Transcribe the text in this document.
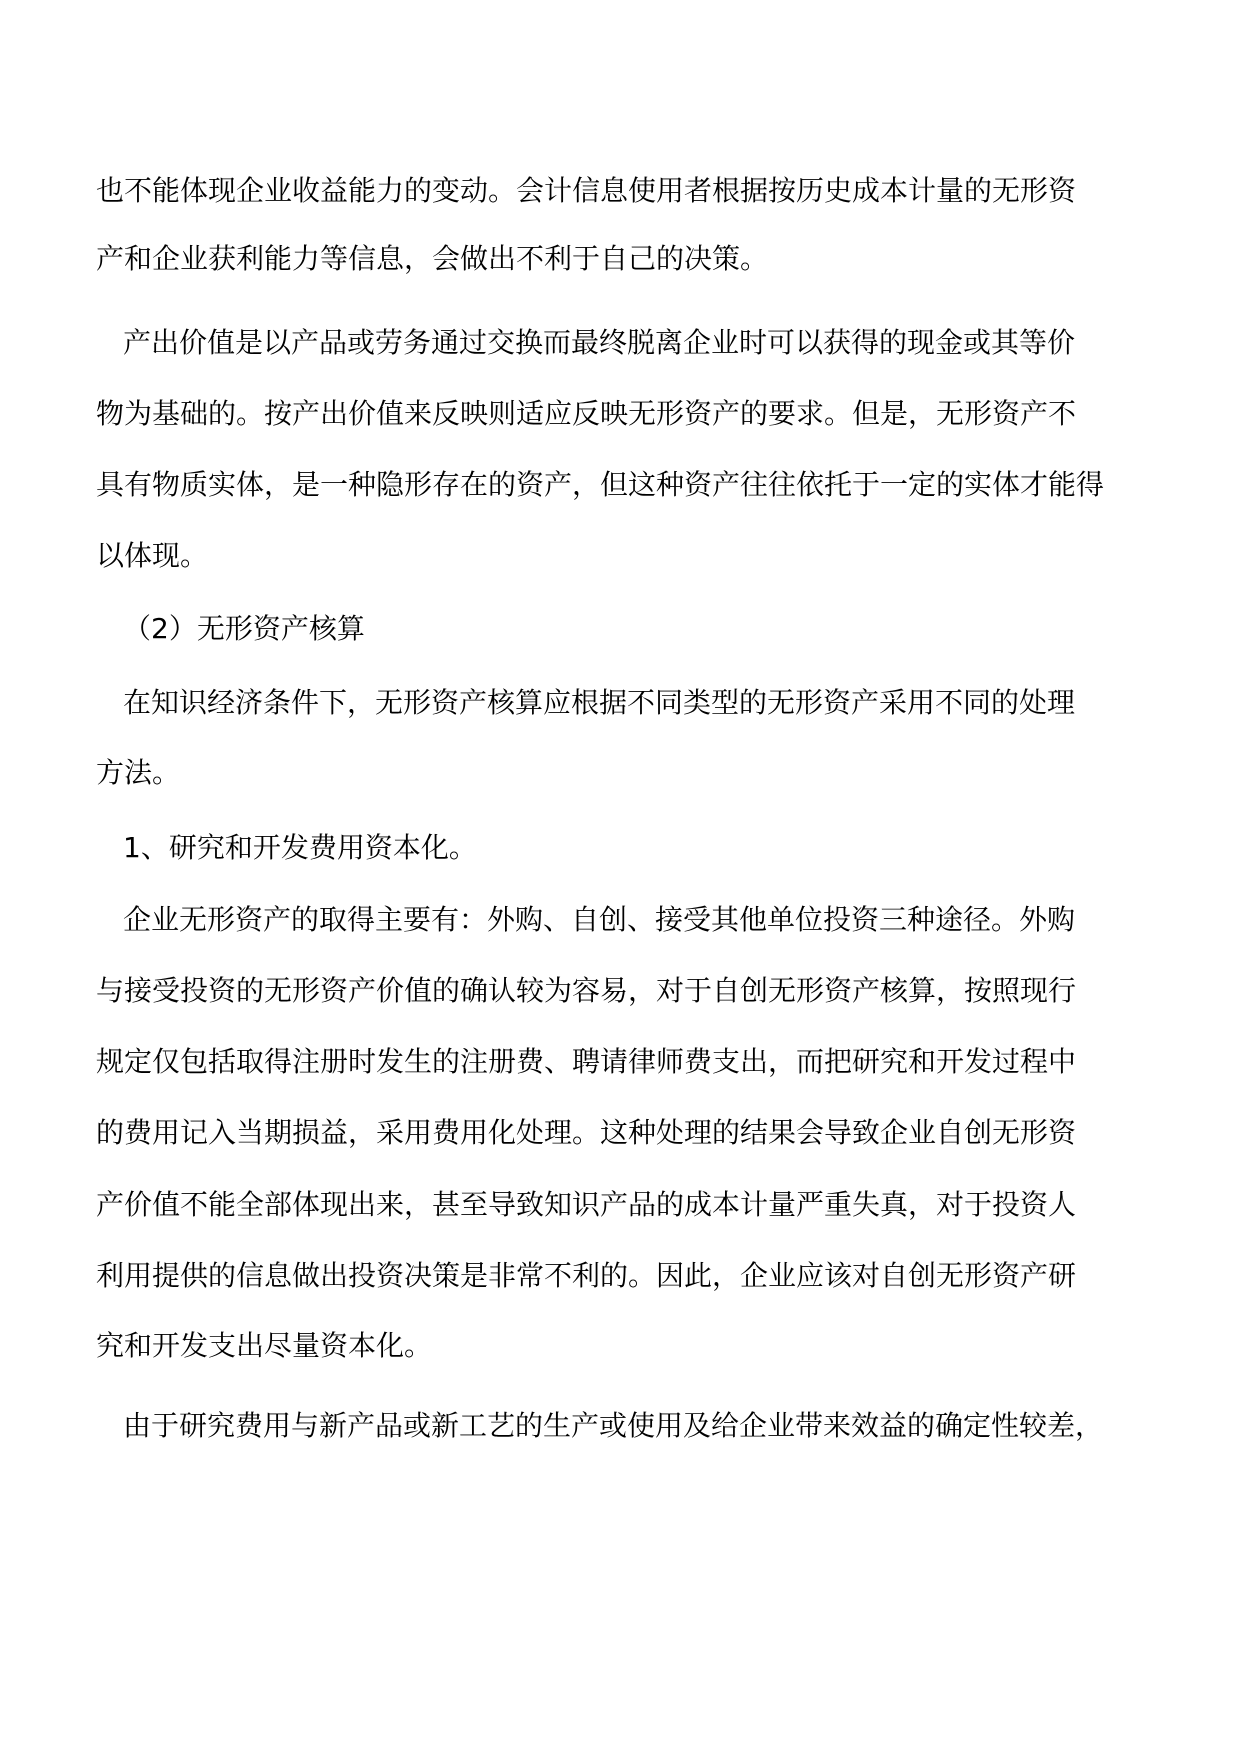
也不能体现企业收益能力的变动。会计信息使用者根据按历史成本计量的无形资
产和企业获利能力等信息，会做出不利于自己的决策。
产出价值是以产品或劳务通过交换而最终脱离企业时可以获得的现金或其等价
物为基础的。按产出价值来反映则适应反映无形资产的要求。但是，无形资产不
具有物质实体，是一种隐形存在的资产，但这种资产往往依托于一定的实体才能得
以体现。
（2）无形资产核算
在知识经济条件下，无形资产核算应根据不同类型的无形资产采用不同的处理
方法。
1、研究和开发费用资本化。
企业无形资产的取得主要有：外购、自创、接受其他单位投资三种途径。外购
与接受投资的无形资产价值的确认较为容易，对于自创无形资产核算，按照现行
规定仅包括取得注册时发生的注册费、聘请律师费支出，而把研究和开发过程中
的费用记入当期损益，采用费用化处理。这种处理的结果会导致企业自创无形资
产价值不能全部体现出来，甚至导致知识产品的成本计量严重失真，对于投资人
利用提供的信息做出投资决策是非常不利的。因此，企业应该对自创无形资产研
究和开发支出尽量资本化。
由于研究费用与新产品或新工艺的生产或使用及给企业带来效益的确定性较差，
